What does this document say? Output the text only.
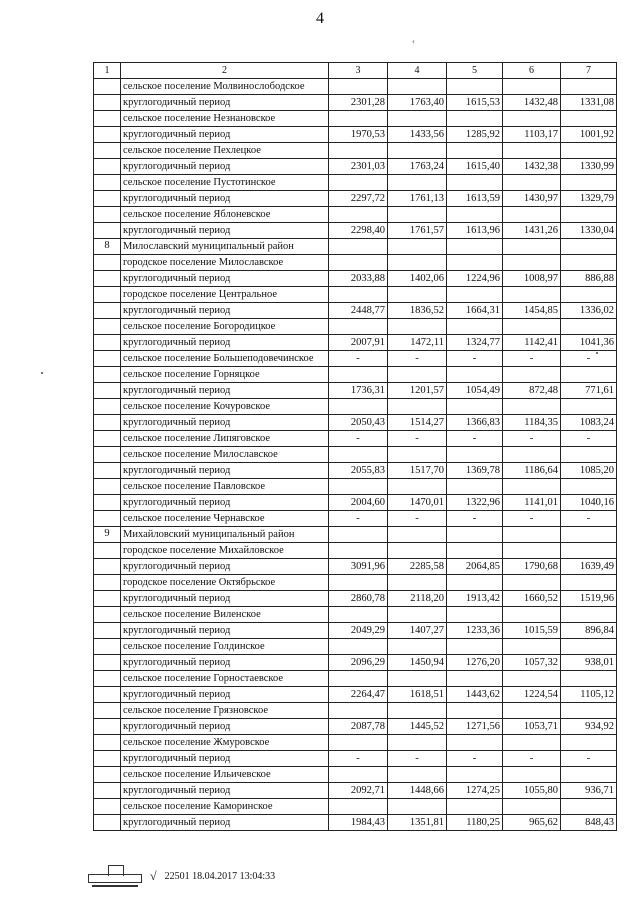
4
‹
1	2	3	4	5	6	7
	сельское поселение Молвинослободское					
	круглогодичный период	2301,28	1763,40	1615,53	1432,48	1331,08
	сельское поселение Незнановское					
	круглогодичный период	1970,53	1433,56	1285,92	1103,17	1001,92
	сельское поселение Пехлецкое					
	круглогодичный период	2301,03	1763,24	1615,40	1432,38	1330,99
	сельское поселение Пустотинское					
	круглогодичный период	2297,72	1761,13	1613,59	1430,97	1329,79
	сельское поселение Яблоневское					
	круглогодичный период	2298,40	1761,57	1613,96	1431,26	1330,04
8	Милославский муниципальный район					
	городское поселение Милославское					
	круглогодичный период	2033,88	1402,06	1224,96	1008,97	886,88
	городское поселение Центральное					
	круглогодичный период	2448,77	1836,52	1664,31	1454,85	1336,02
	сельское поселение Богородицкое					
	круглогодичный период	2007,91	1472,11	1324,77	1142,41	1041,36
	сельское поселение Большеподовечинское	-	-	-	-	-
	сельское поселение Горняцкое					
	круглогодичный период	1736,31	1201,57	1054,49	872,48	771,61
	сельское поселение Кочуровское					
	круглогодичный период	2050,43	1514,27	1366,83	1184,35	1083,24
	сельское поселение Липяговское	-	-	-	-	-
	сельское поселение Милославское					
	круглогодичный период	2055,83	1517,70	1369,78	1186,64	1085,20
	сельское поселение Павловское					
	круглогодичный период	2004,60	1470,01	1322,96	1141,01	1040,16
	сельское поселение Чернавское	-	-	-	-	-
9	Михайловский муниципальный район					
	городское поселение Михайловское					
	круглогодичный период	3091,96	2285,58	2064,85	1790,68	1639,49
	городское поселение Октябрьское					
	круглогодичный период	2860,78	2118,20	1913,42	1660,52	1519,96
	сельское поселение Виленское					
	круглогодичный период	2049,29	1407,27	1233,36	1015,59	896,84
	сельское поселение Голдинское					
	круглогодичный период	2096,29	1450,94	1276,20	1057,32	938,01
	сельское поселение Горностаевское					
	круглогодичный период	2264,47	1618,51	1443,62	1224,54	1105,12
	сельское поселение Грязновское					
	круглогодичный период	2087,78	1445,52	1271,56	1053,71	934,92
	сельское поселение Жмуровское					
	круглогодичный период	-	-	-	-	-
	сельское поселение Ильичевское					
	круглогодичный период	2092,71	1448,66	1274,25	1055,80	936,71
	сельское поселение Каморинское					
	круглогодичный период	1984,43	1351,81	1180,25	965,62	848,43
√ 22501 18.04.2017 13:04:33
